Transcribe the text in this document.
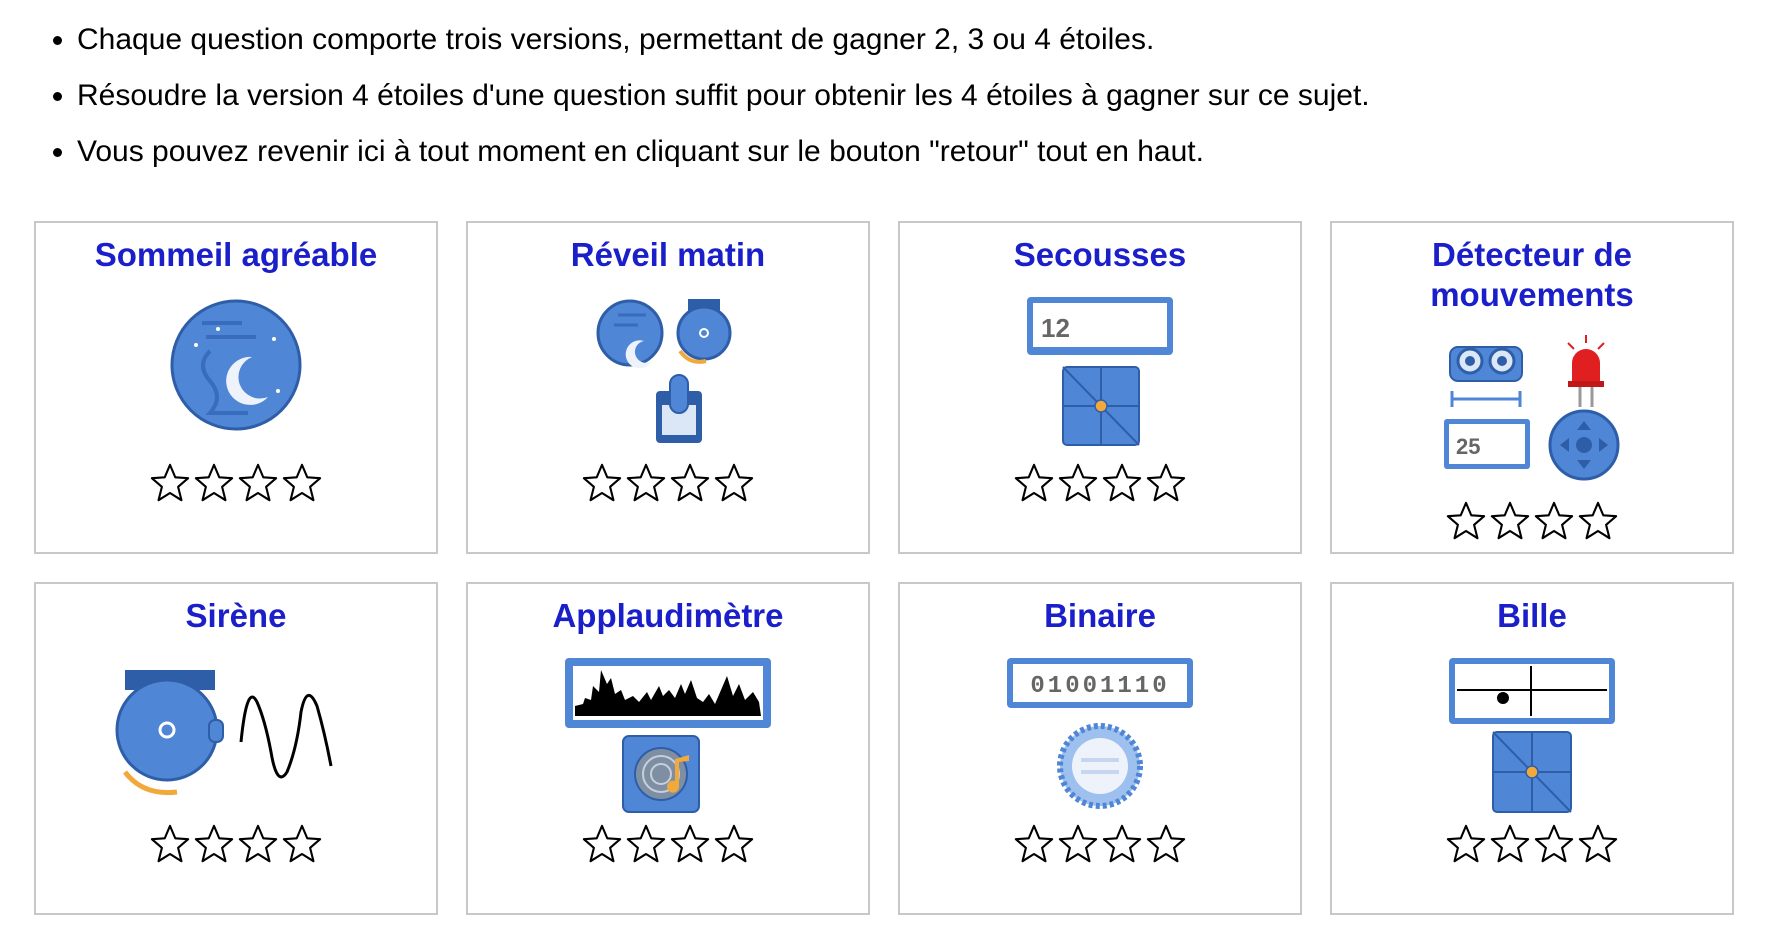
• Chaque question comporte trois versions, permettant de gagner 2, 3 ou 4 étoiles.
• Résoudre la version 4 étoiles d'une question suffit pour obtenir les 4 étoiles à gagner sur ce sujet.
• Vous pouvez revenir ici à tout moment en cliquant sur le bouton "retour" tout en haut.
Sommeil agréable	Réveil matin	Secousses
12
Détecteur de mouvements
25
Sirène	Applaudimètre	Binaire
01001110
Bille
